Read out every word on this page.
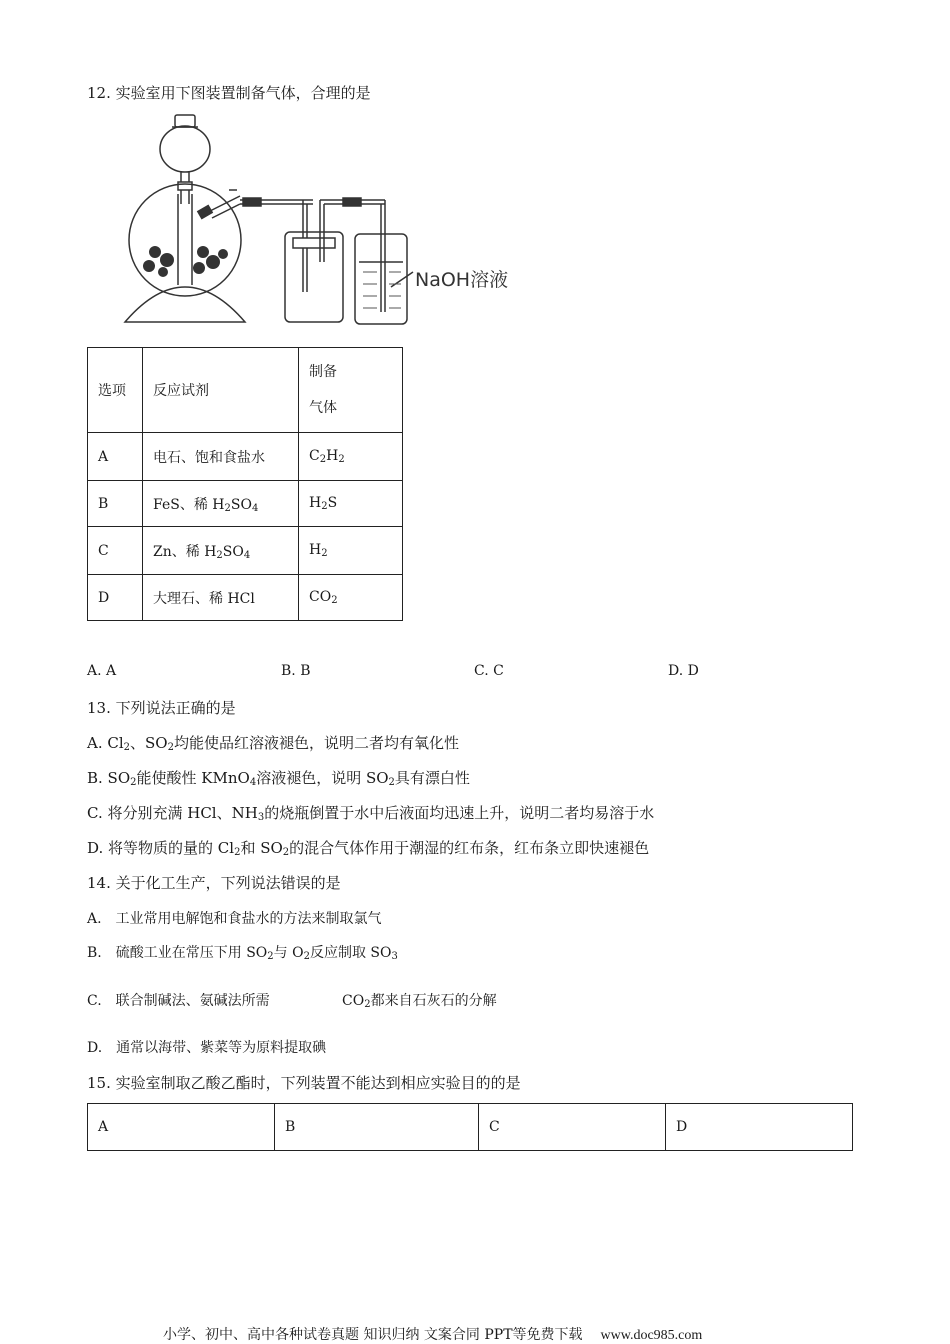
12. 实验室用下图装置制备气体，合理的是
NaOH溶液
选项	反应试剂	制备
气体
A	电石、饱和食盐水	$C_2H_2$
B	FeS、稀 $H_2SO_4$	$H_2S$
C	Zn、稀 $H_2SO_4$	$H_2$
D	大理石、稀 HCl	$CO_2$
A. A	B. B	C. C	D. D
13. 下列说法正确的是
A. $Cl_2$、$SO_2$均能使品红溶液褪色，说明二者均有氧化性
B. $SO_2$能使酸性 KMnO$_4$溶液褪色，说明 $SO_2$具有漂白性
C. 将分别充满 HCl、$NH_3$的烧瓶倒置于水中后液面均迅速上升，说明二者均易溶于水
D. 将等物质的量的 $Cl_2$和 $SO_2$的混合气体作用于潮湿的红布条，红布条立即快速褪色
14. 关于化工生产，下列说法错误的是
A.　工业常用电解饱和食盐水的方法来制取氯气
B.　硫酸工业在常压下用 $SO_2$与 $O_2$反应制取 $SO_3$
C.　联合制碱法、氨碱法所需	$CO_2$都来自石灰石的分解
D.　通常以海带、紫菜等为原料提取碘
15. 实验室制取乙酸乙酯时，下列装置不能达到相应实验目的的是
A	B	C	D
小学、初中、高中各种试卷真题 知识归纳 文案合同 PPT等免费下载 www.doc985.com
